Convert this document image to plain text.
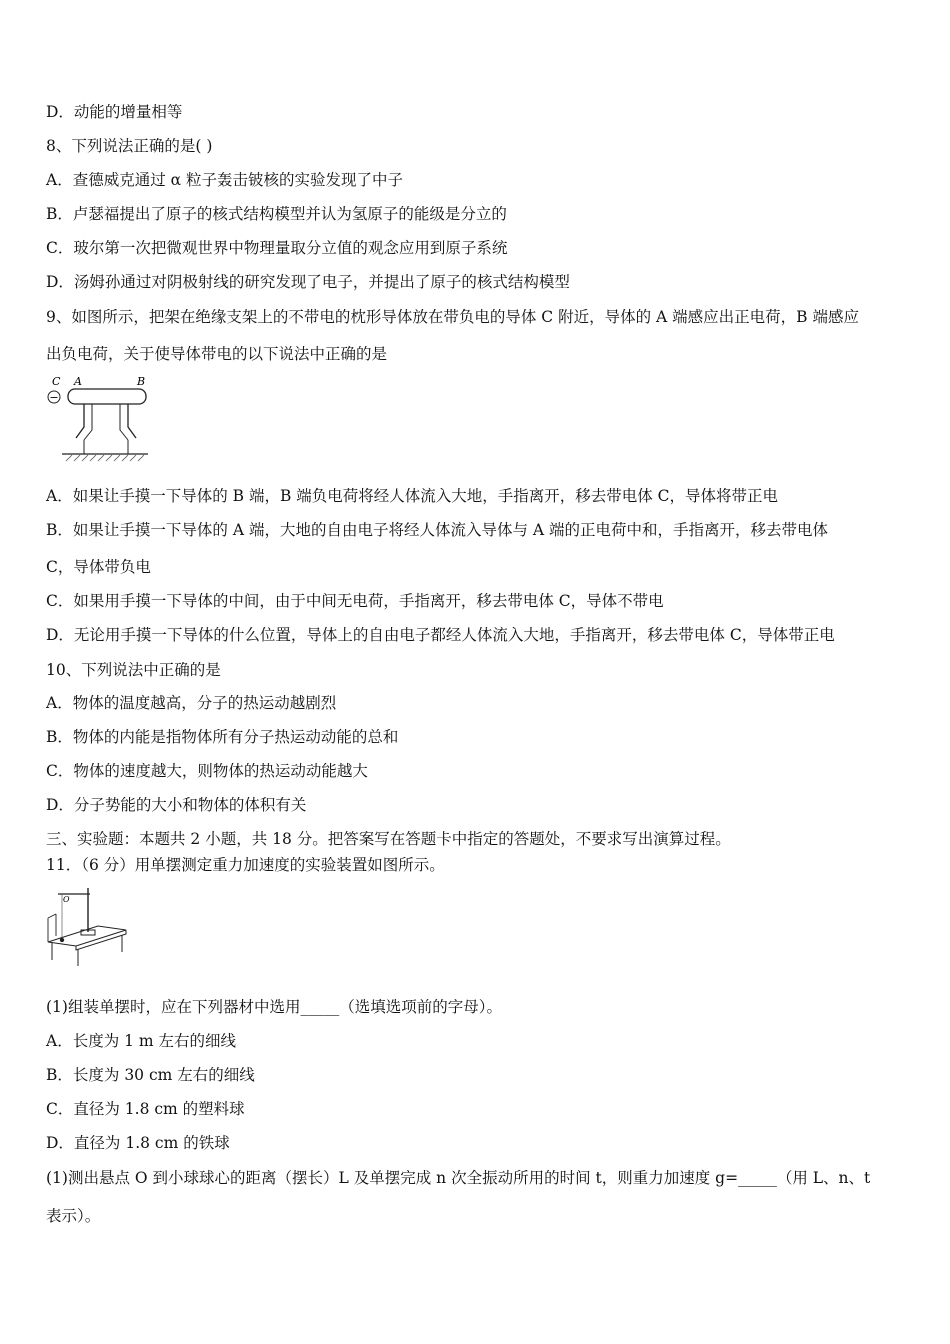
D．动能的增量相等
8、下列说法正确的是( )
A．查德威克通过 α 粒子轰击铍核的实验发现了中子
B．卢瑟福提出了原子的核式结构模型并认为氢原子的能级是分立的
C．玻尔第一次把微观世界中物理量取分立值的观念应用到原子系统
D．汤姆孙通过对阴极射线的研究发现了电子，并提出了原子的核式结构模型
9、如图所示，把架在绝缘支架上的不带电的枕形导体放在带负电的导体 C 附近，导体的 A 端感应出正电荷，B 端感应
出负电荷，关于使导体带电的以下说法中正确的是
C A	B
−
A．如果让手摸一下导体的 B 端，B 端负电荷将经人体流入大地，手指离开，移去带电体 C，导体将带正电
B．如果让手摸一下导体的 A 端，大地的自由电子将经人体流入导体与 A 端的正电荷中和，手指离开，移去带电体
C，导体带负电
C．如果用手摸一下导体的中间，由于中间无电荷，手指离开，移去带电体 C，导体不带电
D．无论用手摸一下导体的什么位置，导体上的自由电子都经人体流入大地，手指离开，移去带电体 C，导体带正电
10、下列说法中正确的是
A．物体的温度越高，分子的热运动越剧烈
B．物体的内能是指物体所有分子热运动动能的总和
C．物体的速度越大，则物体的热运动动能越大
D．分子势能的大小和物体的体积有关
三、实验题：本题共 2 小题，共 18 分。把答案写在答题卡中指定的答题处，不要求写出演算过程。
11．（6 分）用单摆测定重力加速度的实验装置如图所示。
O
(1)组装单摆时，应在下列器材中选用_____（选填选项前的字母）。
A．长度为 1 m 左右的细线
B．长度为 30 cm 左右的细线
C．直径为 1.8 cm 的塑料球
D．直径为 1.8 cm 的铁球
(1)测出悬点 O 到小球球心的距离（摆长）L 及单摆完成 n 次全振动所用的时间 t，则重力加速度 g=_____（用 L、n、t
表示）。
